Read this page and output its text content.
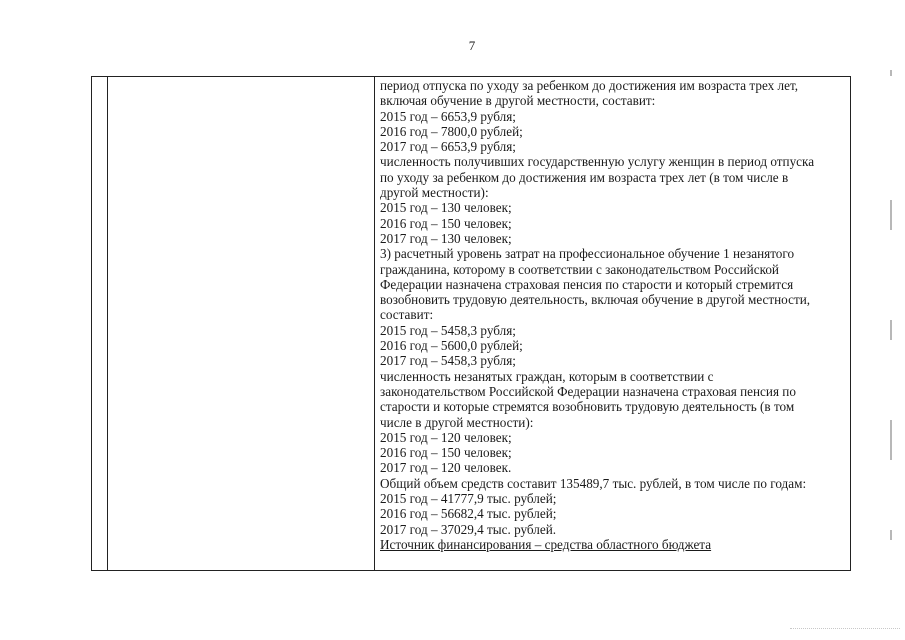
7
период отпуска по уходу за ребенком до достижения им возраста трех лет,
включая обучение в другой местности, составит:
2015 год – 6653,9 рубля;
2016 год – 7800,0 рублей;
2017 год – 6653,9 рубля;
численность получивших государственную услугу женщин в период отпуска
по уходу за ребенком до достижения им возраста трех лет (в том числе в
другой местности):
2015 год – 130 человек;
2016 год – 150 человек;
2017 год – 130 человек;
3) расчетный уровень затрат на профессиональное обучение 1 незанятого
гражданина, которому в соответствии с законодательством Российской
Федерации назначена страховая пенсия по старости и который стремится
возобновить трудовую деятельность, включая обучение в другой местности,
составит:
2015 год – 5458,3 рубля;
2016 год – 5600,0 рублей;
2017 год – 5458,3 рубля;
численность незанятых граждан, которым в соответствии с
законодательством Российской Федерации назначена страховая пенсия по
старости и которые стремятся возобновить трудовую деятельность (в том
числе в другой местности):
2015 год – 120 человек;
2016 год – 150 человек;
2017 год – 120 человек.
Общий объем средств составит 135489,7 тыс. рублей, в том числе по годам:
2015 год – 41777,9 тыс. рублей;
2016 год – 56682,4 тыс. рублей;
2017 год – 37029,4 тыс. рублей.
Источник финансирования – средства областного бюджета
